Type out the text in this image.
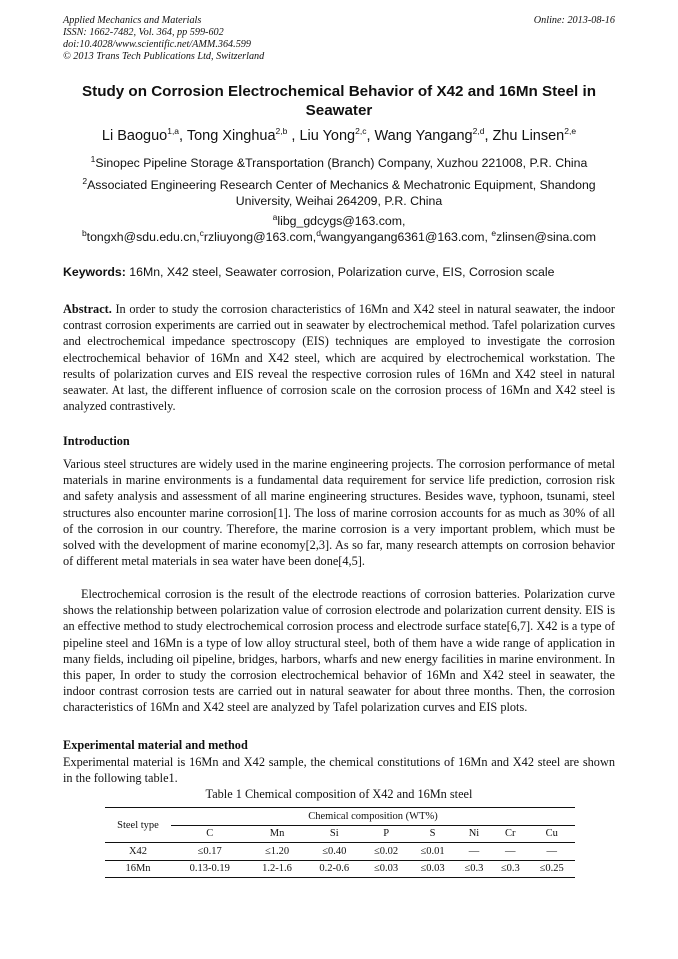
Applied Mechanics and Materials
ISSN: 1662-7482, Vol. 364, pp 599-602
doi:10.4028/www.scientific.net/AMM.364.599
© 2013 Trans Tech Publications Ltd, Switzerland
Online: 2013-08-16
Study on Corrosion Electrochemical Behavior of X42 and 16Mn Steel in Seawater
Li Baoguo$^{1,a}$, Tong Xinghua$^{2,b}$ , Liu Yong$^{2,c}$, Wang Yangang$^{2,d}$, Zhu Linsen$^{2,e}$
$^1$Sinopec Pipeline Storage &Transportation (Branch) Company, Xuzhou 221008, P.R. China
$^2$Associated Engineering Research Center of Mechanics & Mechatronic Equipment, Shandong University, Weihai 264209, P.R. China
$^a$libg_gdcygs@163.com,
$^b$tongxh@sdu.edu.cn,$^c$rzliuyong@163.com,$^d$wangyangang6361@163.com, $^e$zlinsen@sina.com
Keywords: 16Mn, X42 steel, Seawater corrosion, Polarization curve, EIS, Corrosion scale
Abstract. In order to study the corrosion characteristics of 16Mn and X42 steel in natural seawater, the indoor contrast corrosion experiments are carried out in seawater by electrochemical method. Tafel polarization curves and electrochemical impedance spectroscopy (EIS) techniques are employed to investigate the corrosion electrochemical behavior of 16Mn and X42 steel, which are acquired by electrochemical workstation. The results of polarization curves and EIS reveal the respective corrosion rules of 16Mn and X42 steel in natural seawater. At last, the different influence of corrosion scale on the corrosion process of 16Mn and X42 steel is analyzed contrastively.
Introduction
Various steel structures are widely used in the marine engineering projects. The corrosion performance of metal materials in marine environments is a fundamental data requirement for service life prediction, corrosion risk and safety analysis and assessment of all marine engineering structures. Besides wave, typhoon, tsunami, steel structures also encounter marine corrosion[1]. The loss of marine corrosion accounts for as much as 30% of all of the corrosion in our country. Therefore, the marine corrosion is a very important problem, which must be solved with the development of marine economy[2,3]. As so far, many research attempts on corrosion behavior of different metal materials in sea water have been done[4,5].
Electrochemical corrosion is the result of the electrode reactions of corrosion batteries. Polarization curve shows the relationship between polarization value of corrosion electrode and polarization current density. EIS is an effective method to study electrochemical corrosion process and electrode surface state[6,7]. X42 is a type of pipeline steel and 16Mn is a type of low alloy structural steel, both of them have a wide range of application in many fields, including oil pipeline, bridges, harbors, wharfs and new energy facilities in marine environment. In this paper, In order to study the corrosion electrochemical behavior of 16Mn and X42 steel in seawater, the indoor contrast corrosion tests are carried out in natural seawater for about three months. Then, the corrosion characteristics of 16Mn and X42 steel are analyzed by Tafel polarization curves and EIS plots.
Experimental material and method
Experimental material is 16Mn and X42 sample, the chemical constitutions of 16Mn and X42 steel are shown in the following table1.
Table 1 Chemical composition of X42 and 16Mn steel
Steel type	Chemical composition (WT%)							
	C	Mn	Si	P	S	Ni	Cr	Cu
X42	≤0.17	≤1.20	≤0.40	≤0.02	≤0.01	—	—	—
16Mn	0.13-0.19	1.2-1.6	0.2-0.6	≤0.03	≤0.03	≤0.3	≤0.3	≤0.25
